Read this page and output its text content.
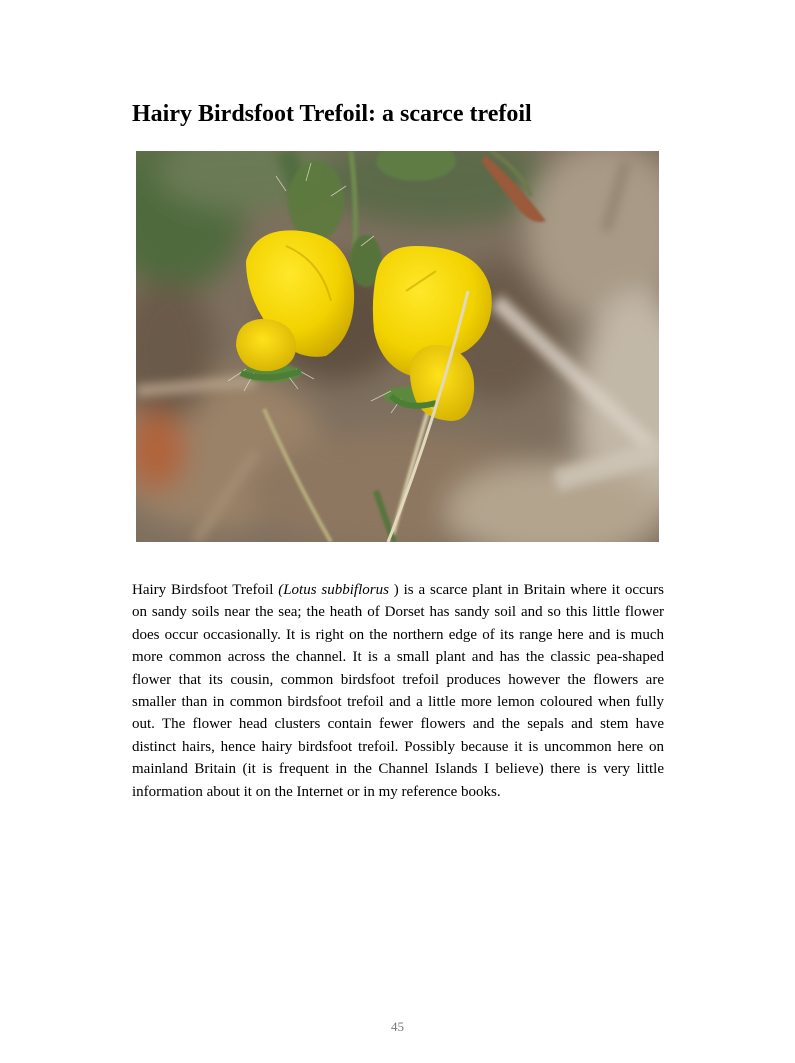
Hairy Birdsfoot Trefoil: a scarce trefoil

Hairy Birdsfoot Trefoil (Lotus subbiflorus ) is a scarce plant in Britain where it occurs on sandy soils near the sea; the heath of Dorset has sandy soil and so this little flower does occur occasionally. It is right on the northern edge of its range here and is much more common across the channel. It is a small plant and has the classic pea-shaped flower that its cousin, common birdsfoot trefoil produces however the flowers are smaller than in common birdsfoot trefoil and a little more lemon coloured when fully out. The flower head clusters contain fewer flowers and the sepals and stem have distinct hairs, hence hairy birdsfoot trefoil. Possibly because it is uncommon here on mainland Britain (it is frequent in the Channel Islands I believe) there is very little information about it on the Internet or in my reference books.

45
